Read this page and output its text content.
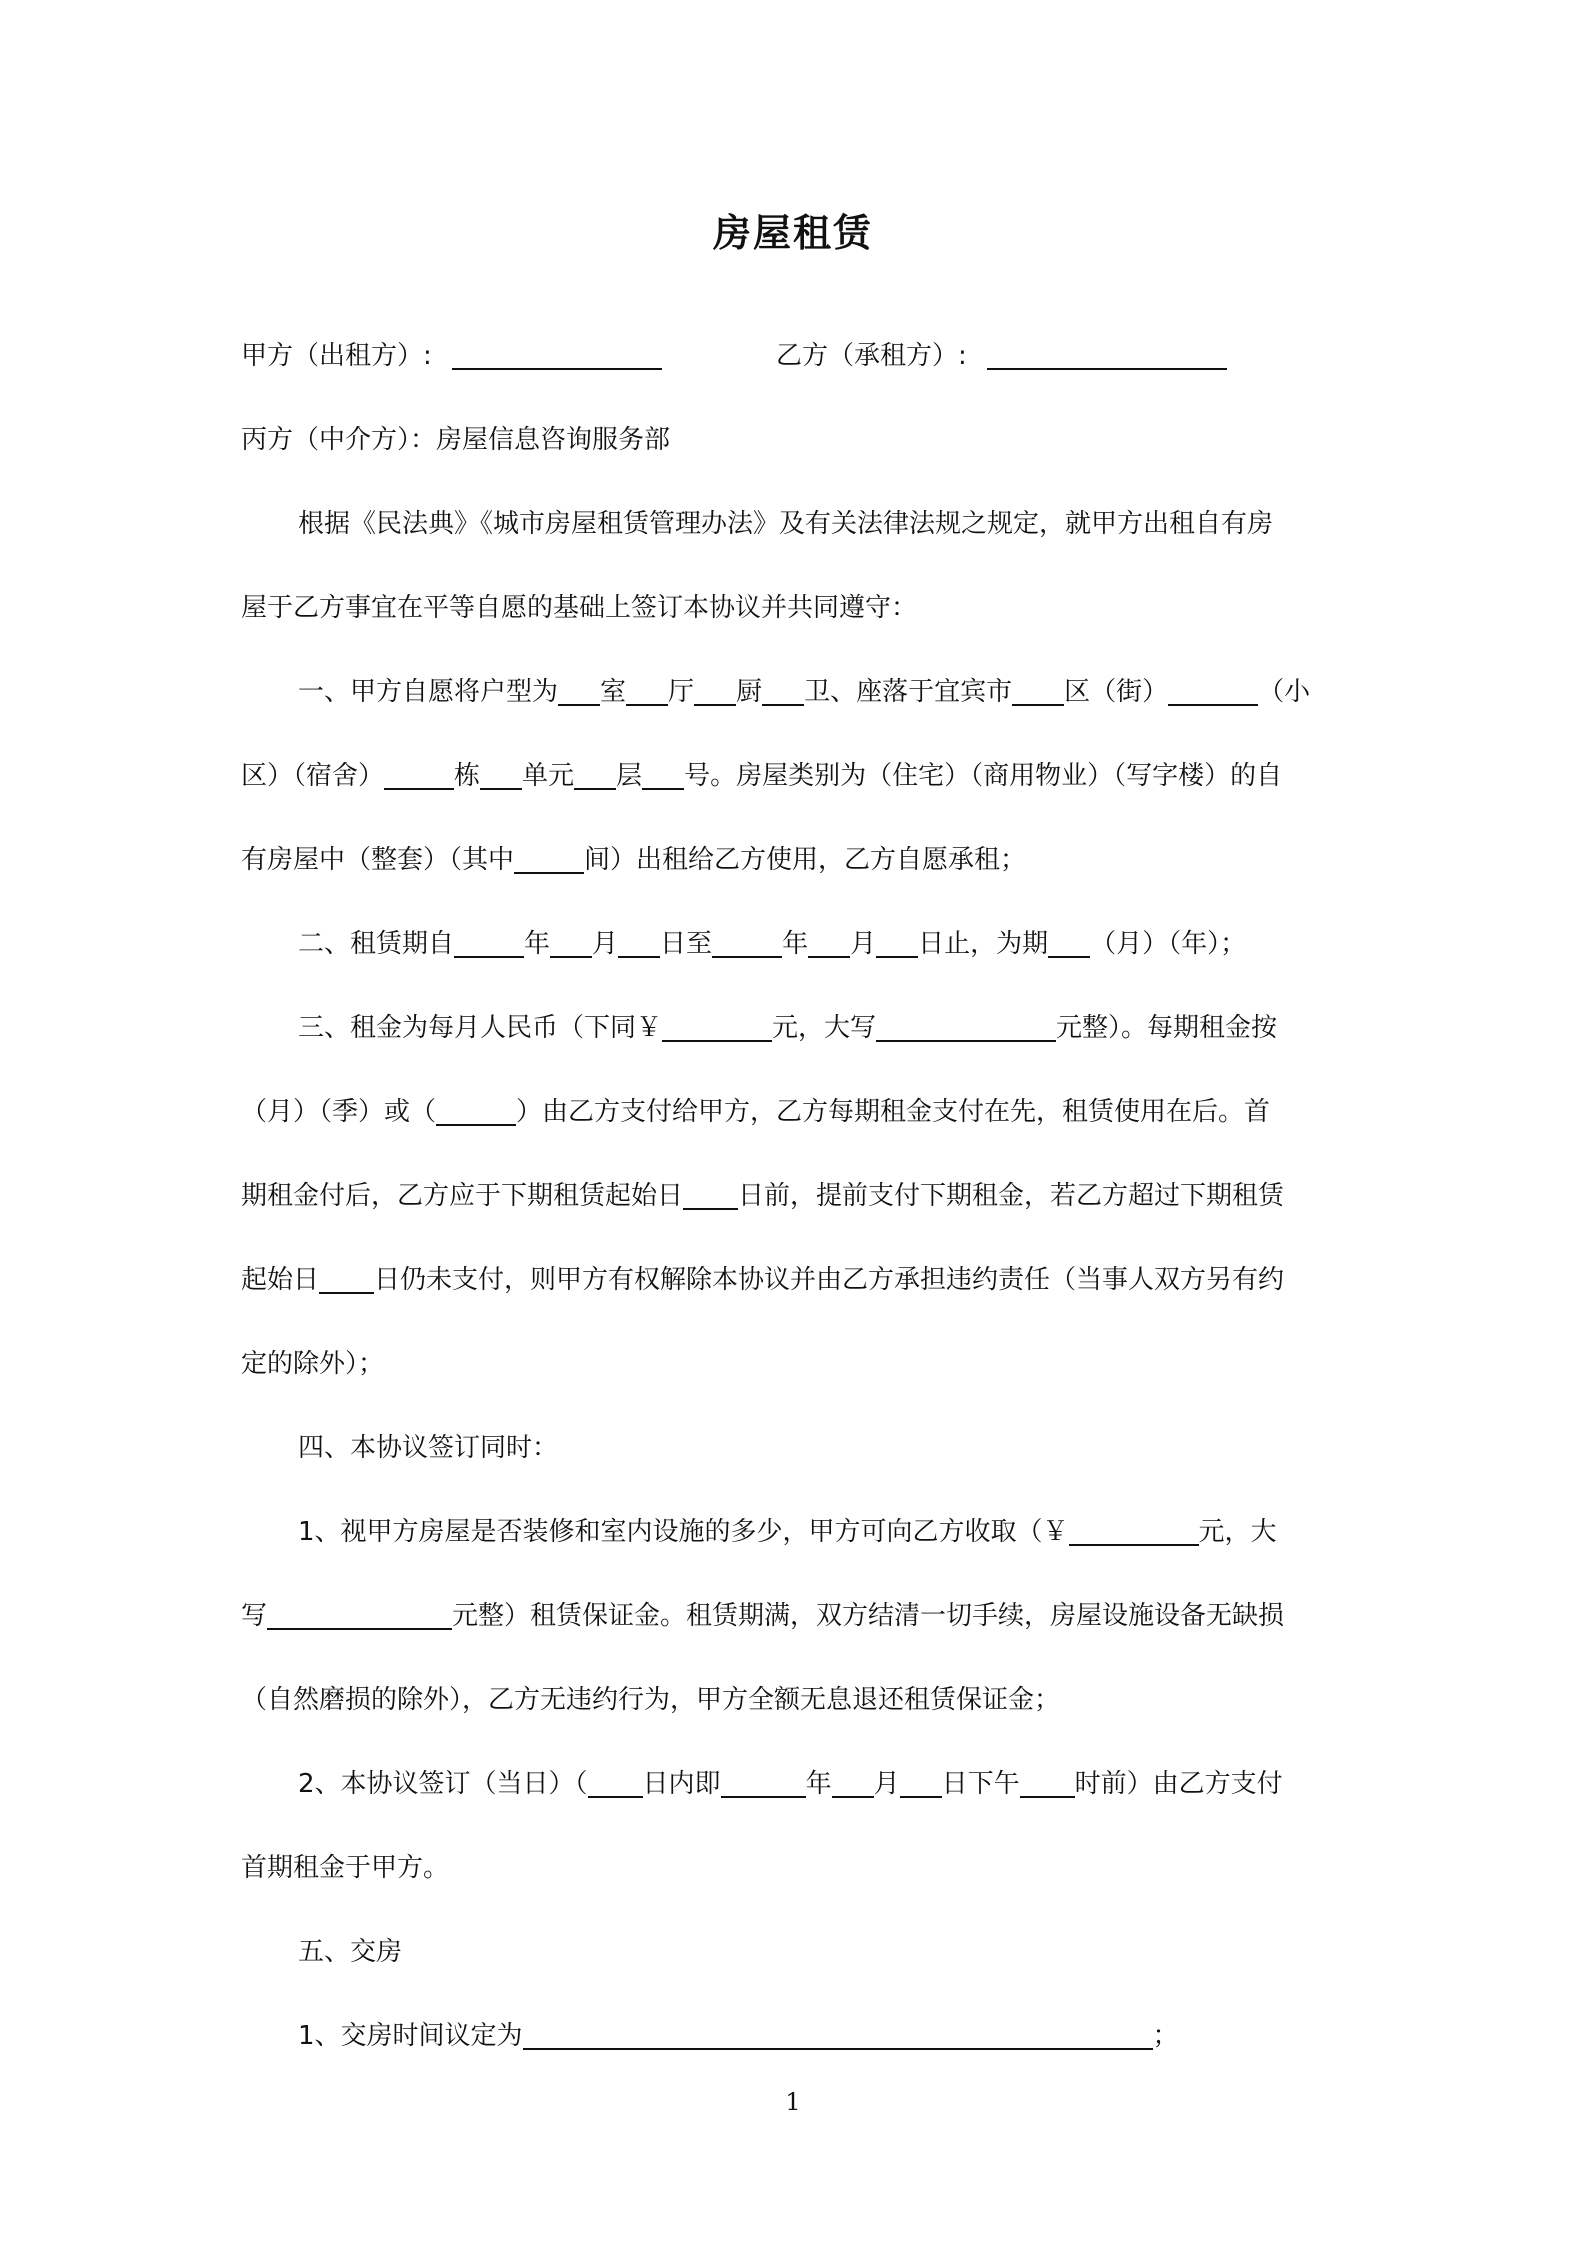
房屋租赁
甲方（出租方）:	乙方（承租方）:
丙方（中介方）：房屋信息咨询服务部
根据《民法典》《城市房屋租赁管理办法》及有关法律法规之规定，就甲方出租自有房
屋于乙方事宜在平等自愿的基础上签订本协议并共同遵守：
一、甲方自愿将户型为 室 厅 厨 卫、座落于宜宾市 区（街）	（小
区）（宿舍）	栋 单元 层 号。房屋类别为（住宅）（商用物业）（写字楼）的自
有房屋中（整套）（其中	间）出租给乙方使用，乙方自愿承租；
二、租赁期自	年 月 日至	年 月 日止，为期 （月）（年）；
三、租金为每月人民币（下同￥	元，大写	元整）。每期租金按
（月）（季）或（	）由乙方支付给甲方，乙方每期租金支付在先，租赁使用在后。首
期租金付后，乙方应于下期租赁起始日 日前，提前支付下期租金，若乙方超过下期租赁
起始日 日仍未支付，则甲方有权解除本协议并由乙方承担违约责任（当事人双方另有约
定的除外）；
四、本协议签订同时：
1、视甲方房屋是否装修和室内设施的多少，甲方可向乙方收取（￥	元，大
写	元整）租赁保证金。租赁期满，双方结清一切手续，房屋设施设备无缺损
（自然磨损的除外），乙方无违约行为，甲方全额无息退还租赁保证金；
2、本协议签订（当日）（ 日内即	年 月 日下午 时前）由乙方支付
首期租金于甲方。
五、交房
1、交房时间议定为	；
1
